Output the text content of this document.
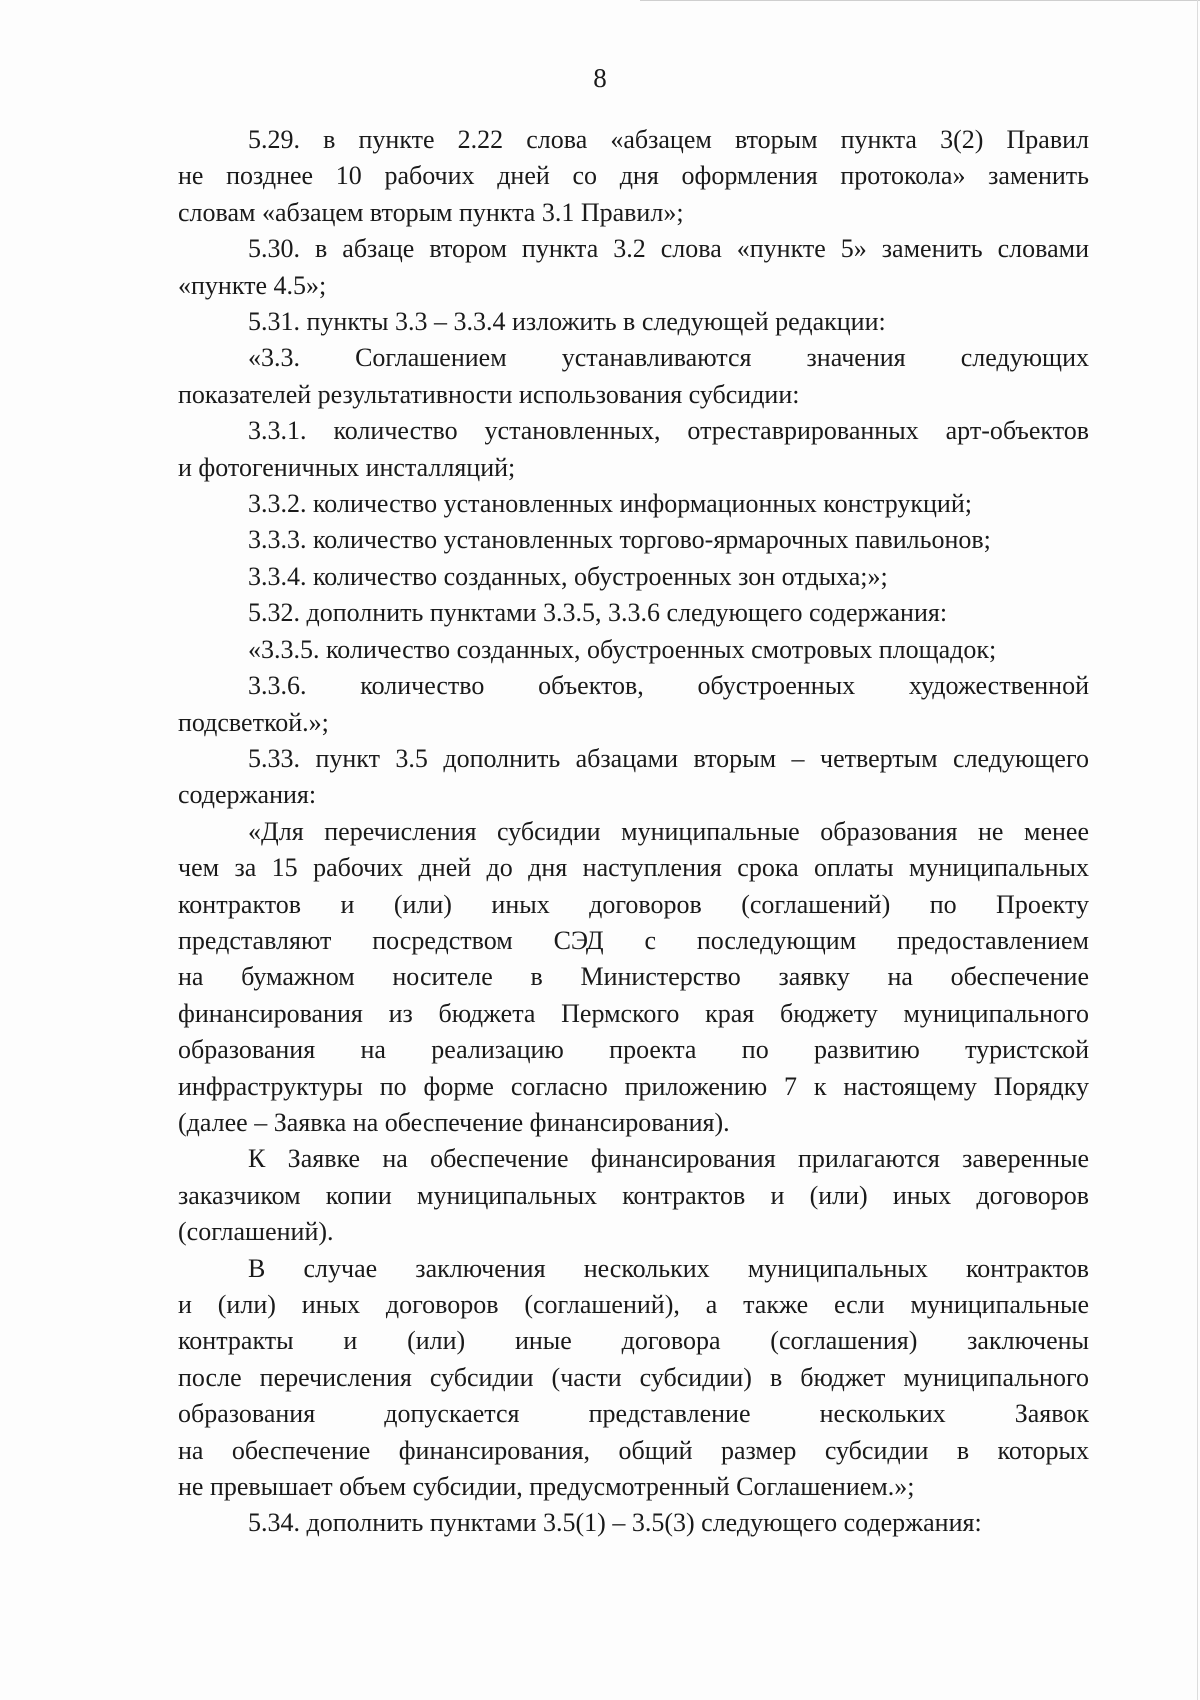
8

5.29. в пункте 2.22 слова «абзацем вторым пункта 3(2) Правил
не позднее 10 рабочих дней со дня оформления протокола» заменить
словам «абзацем вторым пункта 3.1 Правил»;

5.30. в абзаце втором пункта 3.2 слова «пункте 5» заменить словами
«пункте 4.5»;

5.31. пункты 3.3 – 3.3.4 изложить в следующей редакции:

«3.3. Соглашением устанавливаются значения следующих
показателей результативности использования субсидии:

3.3.1. количество установленных, отреставрированных арт-объектов
и фотогеничных инсталляций;

3.3.2. количество установленных информационных конструкций;

3.3.3. количество установленных торгово-ярмарочных павильонов;

3.3.4. количество созданных, обустроенных зон отдыха;»;

5.32. дополнить пунктами 3.3.5, 3.3.6 следующего содержания:

«3.3.5. количество созданных, обустроенных смотровых площадок;

3.3.6. количество объектов, обустроенных художественной
подсветкой.»;

5.33. пункт 3.5 дополнить абзацами вторым – четвертым следующего
содержания:

«Для перечисления субсидии муниципальные образования не менее
чем за 15 рабочих дней до дня наступления срока оплаты муниципальных
контрактов и (или) иных договоров (соглашений) по Проекту
представляют посредством СЭД с последующим предоставлением
на бумажном носителе в Министерство заявку на обеспечение
финансирования из бюджета Пермского края бюджету муниципального
образования на реализацию проекта по развитию туристской
инфраструктуры по форме согласно приложению 7 к настоящему Порядку
(далее – Заявка на обеспечение финансирования).

К Заявке на обеспечение финансирования прилагаются заверенные
заказчиком копии муниципальных контрактов и (или) иных договоров
(соглашений).

В случае заключения нескольких муниципальных контрактов
и (или) иных договоров (соглашений), а также если муниципальные
контракты и (или) иные договора (соглашения) заключены
после перечисления субсидии (части субсидии) в бюджет муниципального
образования допускается представление нескольких Заявок
на обеспечение финансирования, общий размер субсидии в которых
не превышает объем субсидии, предусмотренный Соглашением.»;

5.34. дополнить пунктами 3.5(1) – 3.5(3) следующего содержания:
